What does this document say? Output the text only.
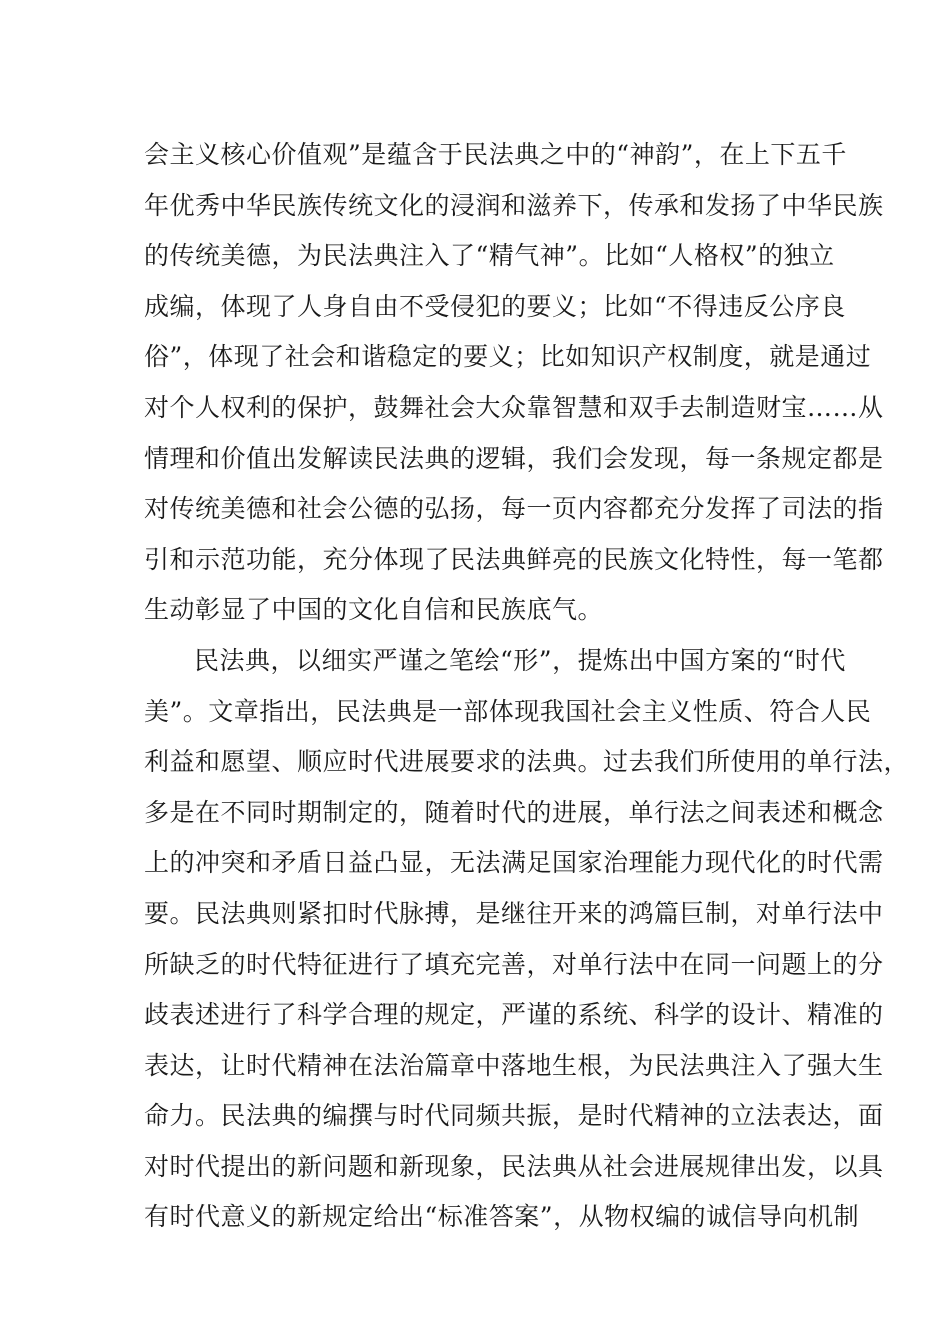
会主义核心价值观”是蕴含于民法典之中的“神韵”，在上下五千
年优秀中华民族传统文化的浸润和滋养下，传承和发扬了中华民族
的传统美德，为民法典注入了“精气神”。比如“人格权”的独立
成编，体现了人身自由不受侵犯的要义；比如“不得违反公序良
俗”，体现了社会和谐稳定的要义；比如知识产权制度，就是通过
对个人权利的保护，鼓舞社会大众靠智慧和双手去制造财宝……从
情理和价值出发解读民法典的逻辑，我们会发现，每一条规定都是
对传统美德和社会公德的弘扬，每一页内容都充分发挥了司法的指
引和示范功能，充分体现了民法典鲜亮的民族文化特性，每一笔都
生动彰显了中国的文化自信和民族底气。
民法典，以细实严谨之笔绘“形”，提炼出中国方案的“时代
美”。文章指出，民法典是一部体现我国社会主义性质、符合人民
利益和愿望、顺应时代进展要求的法典。过去我们所使用的单行法，
多是在不同时期制定的，随着时代的进展，单行法之间表述和概念
上的冲突和矛盾日益凸显，无法满足国家治理能力现代化的时代需
要。民法典则紧扣时代脉搏，是继往开来的鸿篇巨制，对单行法中
所缺乏的时代特征进行了填充完善，对单行法中在同一问题上的分
歧表述进行了科学合理的规定，严谨的系统、科学的设计、精准的
表达，让时代精神在法治篇章中落地生根，为民法典注入了强大生
命力。民法典的编撰与时代同频共振，是时代精神的立法表达，面
对时代提出的新问题和新现象，民法典从社会进展规律出发，以具
有时代意义的新规定给出“标准答案”，从物权编的诚信导向机制
